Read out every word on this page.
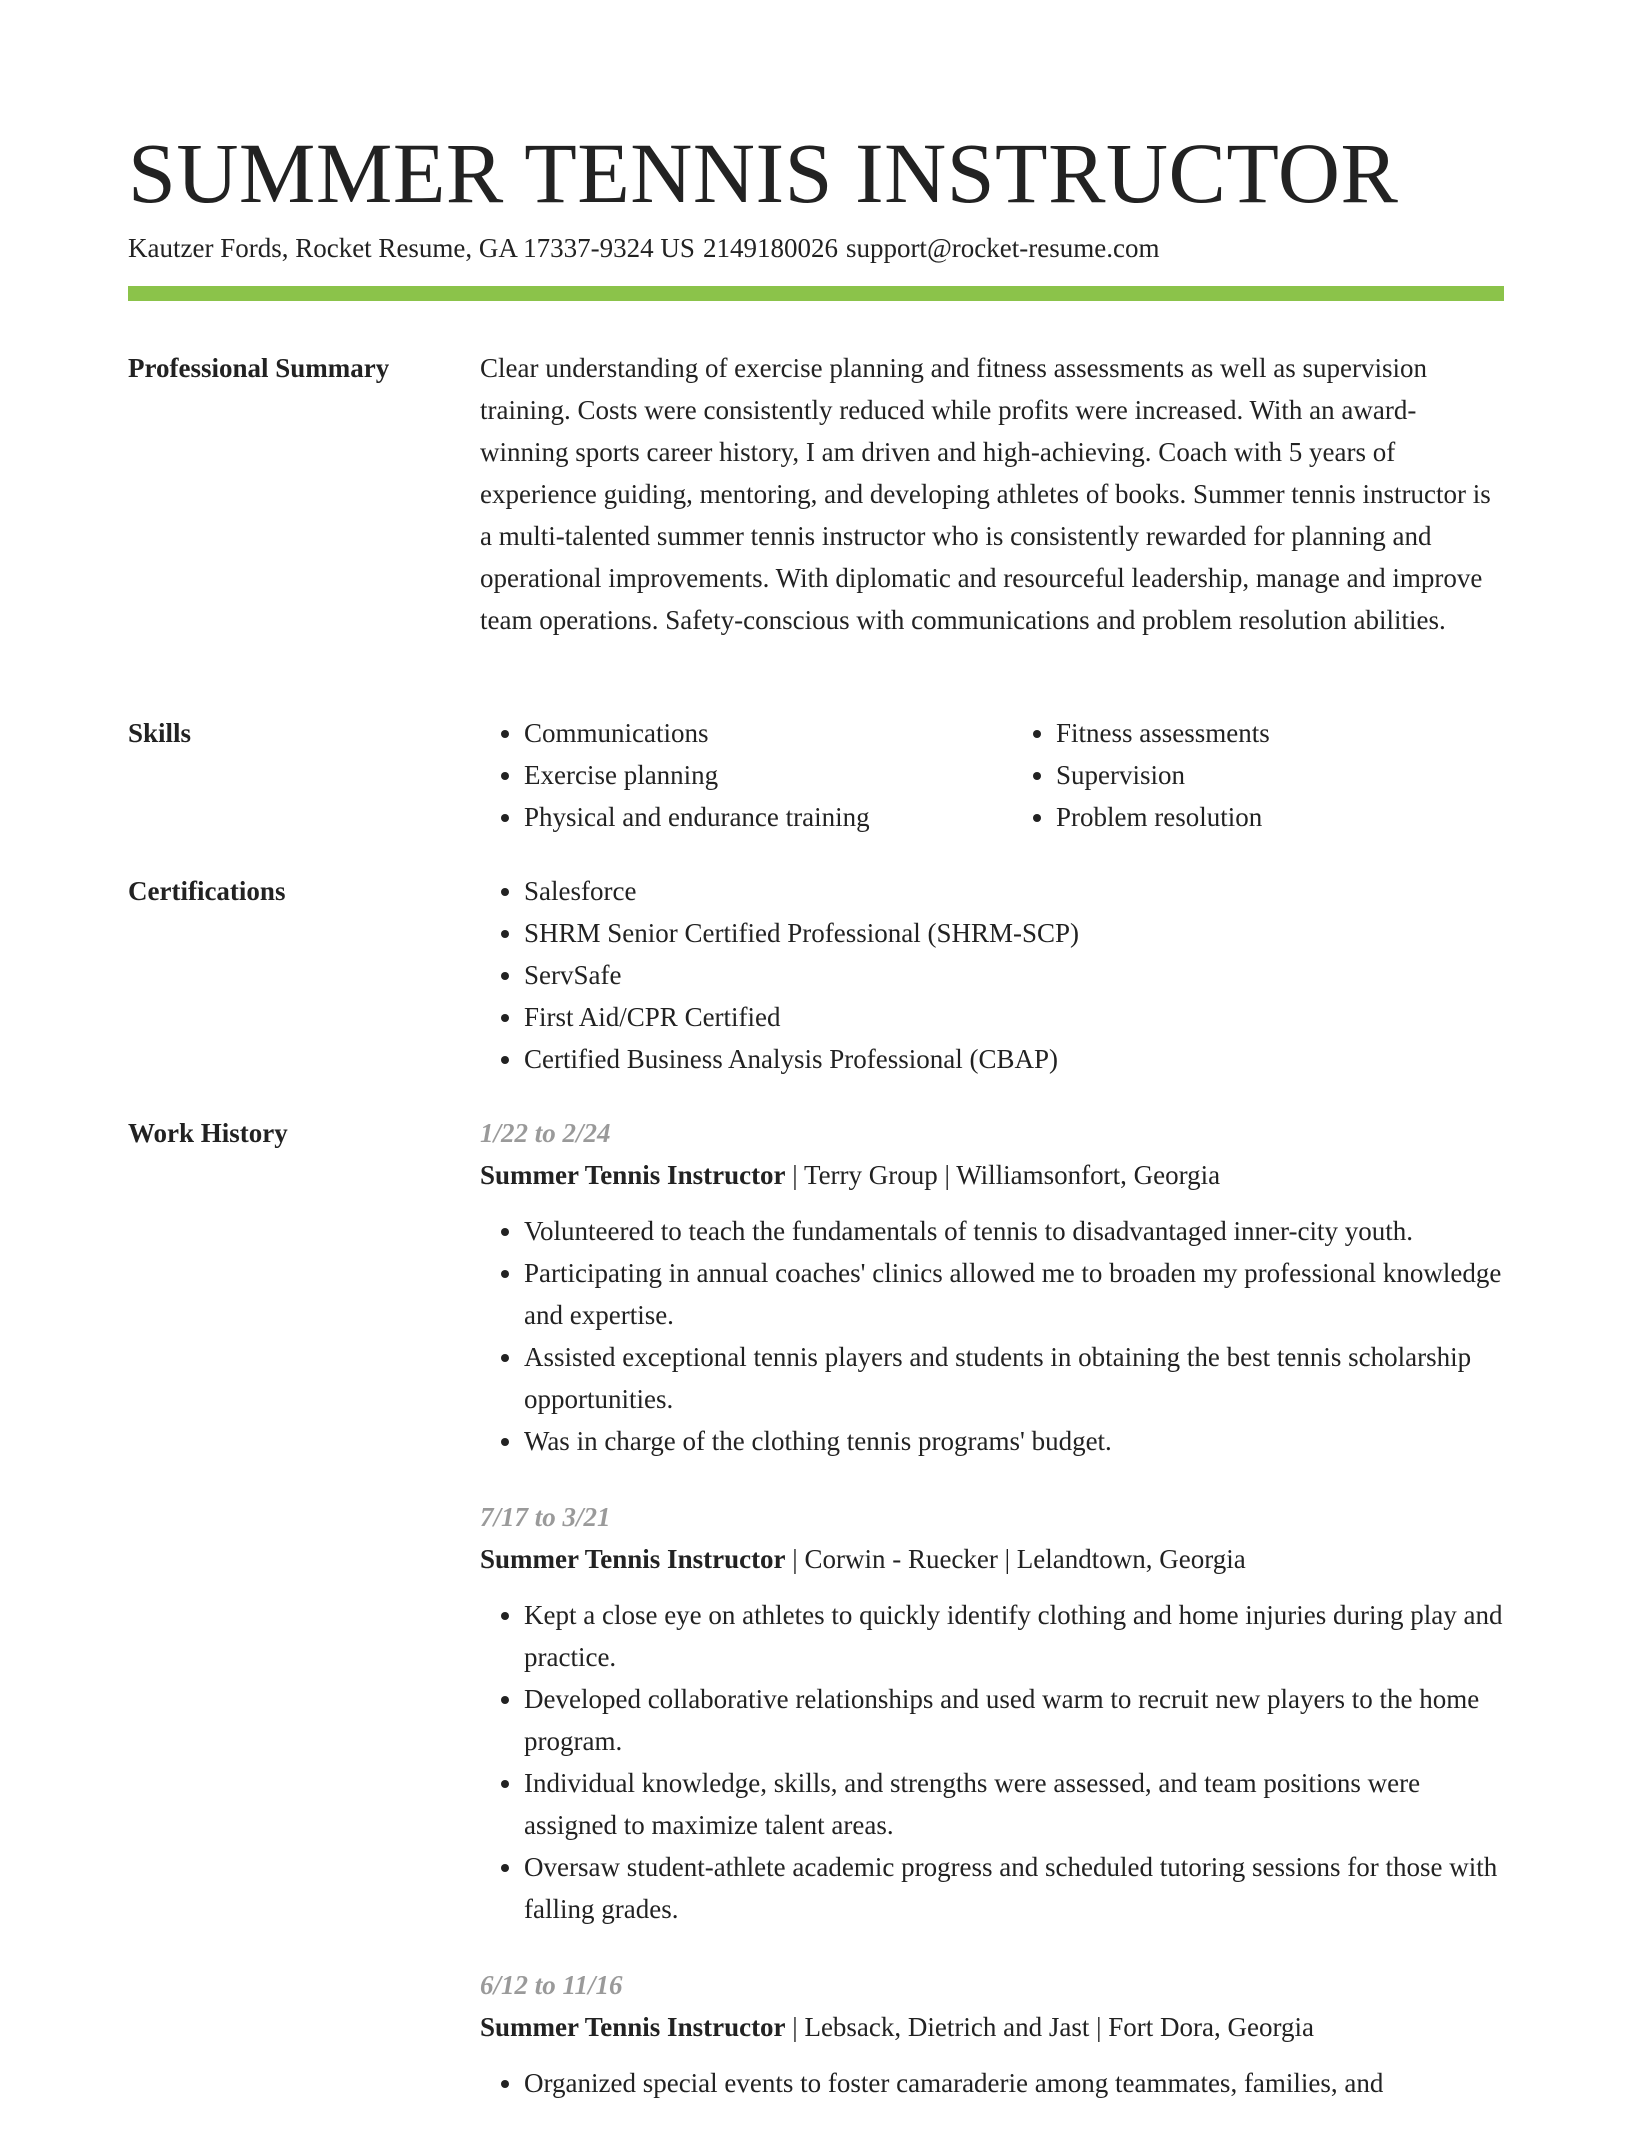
SUMMER TENNIS INSTRUCTOR
Kautzer Fords, Rocket Resume, GA 17337-9324 US 2149180026 support@rocket-resume.com
Professional Summary	Clear understanding of exercise planning and fitness assessments as well as supervision training. Costs were consistently reduced while profits were increased. With an award-winning sports career history, I am driven and high-achieving. Coach with 5 years of experience guiding, mentoring, and developing athletes of books. Summer tennis instructor is a multi-talented summer tennis instructor who is consistently rewarded for planning and operational improvements. With diplomatic and resourceful leadership, manage and improve team operations. Safety-conscious with communications and problem resolution abilities.

Skills	• Communications
• Exercise planning
• Physical and endurance training
• Fitness assessments
• Supervision
• Problem resolution
Certifications	• Salesforce
• SHRM Senior Certified Professional (SHRM-SCP)
• ServSafe
• First Aid/CPR Certified
• Certified Business Analysis Professional (CBAP)
Work History	1/22 to 2/24
Summer Tennis Instructor | Terry Group | Williamsonfort, Georgia
• Volunteered to teach the fundamentals of tennis to disadvantaged inner-city youth.
• Participating in annual coaches' clinics allowed me to broaden my professional knowledge and expertise.
• Assisted exceptional tennis players and students in obtaining the best tennis scholarship opportunities.
• Was in charge of the clothing tennis programs' budget.
7/17 to 3/21
Summer Tennis Instructor | Corwin - Ruecker | Lelandtown, Georgia
• Kept a close eye on athletes to quickly identify clothing and home injuries during play and practice.
• Developed collaborative relationships and used warm to recruit new players to the home program.
• Individual knowledge, skills, and strengths were assessed, and team positions were assigned to maximize talent areas.
• Oversaw student-athlete academic progress and scheduled tutoring sessions for those with falling grades.
6/12 to 11/16
Summer Tennis Instructor | Lebsack, Dietrich and Jast | Fort Dora, Georgia
• Organized special events to foster camaraderie among teammates, families, and
